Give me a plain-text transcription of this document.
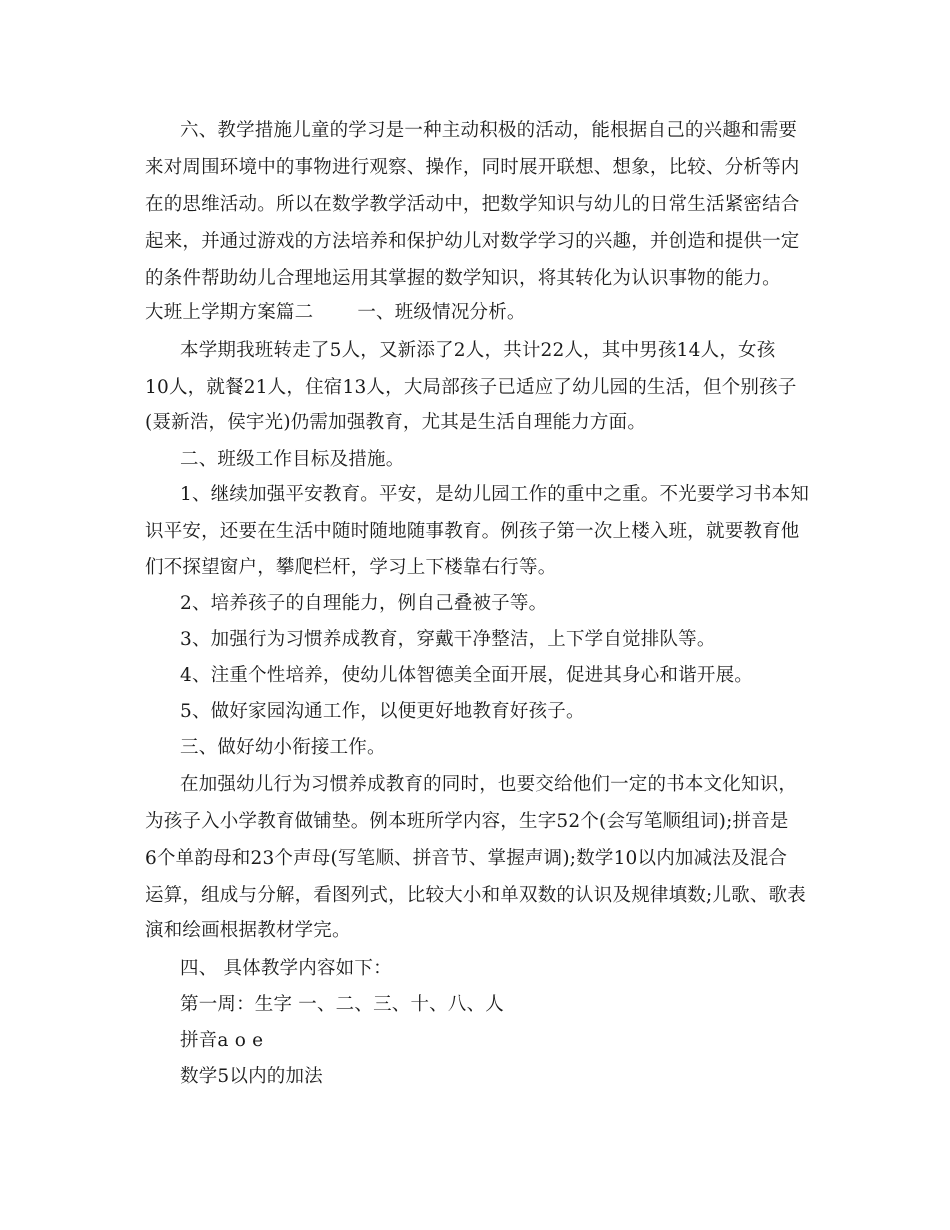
六、教学措施儿童的学习是一种主动积极的活动，能根据自己的兴趣和需要
来对周围环境中的事物进行观察、操作，同时展开联想、想象，比较、分析等内
在的思维活动。所以在数学教学活动中，把数学知识与幼儿的日常生活紧密结合
起来，并通过游戏的方法培养和保护幼儿对数学学习的兴趣，并创造和提供一定
的条件帮助幼儿合理地运用其掌握的数学知识，将其转化为认识事物的能力。
大班上学期方案篇二 一、班级情况分析。
本学期我班转走了5人，又新添了2人，共计22人，其中男孩14人，女孩
10人，就餐21人，住宿13人，大局部孩子已适应了幼儿园的生活，但个别孩子
(聂新浩，侯宇光)仍需加强教育，尤其是生活自理能力方面。
二、班级工作目标及措施。
1、继续加强平安教育。平安，是幼儿园工作的重中之重。不光要学习书本知
识平安，还要在生活中随时随地随事教育。例孩子第一次上楼入班，就要教育他
们不探望窗户，攀爬栏杆，学习上下楼靠右行等。
2、培养孩子的自理能力，例自己叠被子等。
3、加强行为习惯养成教育，穿戴干净整洁，上下学自觉排队等。
4、注重个性培养，使幼儿体智德美全面开展，促进其身心和谐开展。
5、做好家园沟通工作，以便更好地教育好孩子。
三、做好幼小衔接工作。
在加强幼儿行为习惯养成教育的同时，也要交给他们一定的书本文化知识，
为孩子入小学教育做铺垫。例本班所学内容，生字52个(会写笔顺组词);拼音是
6个单韵母和23个声母(写笔顺、拼音节、掌握声调);数学10以内加减法及混合
运算，组成与分解，看图列式，比较大小和单双数的认识及规律填数;儿歌、歌表
演和绘画根据教材学完。
四、 具体教学内容如下：
第一周：生字 一、二、三、十、八、人
拼音a o e
数学5以内的加法
